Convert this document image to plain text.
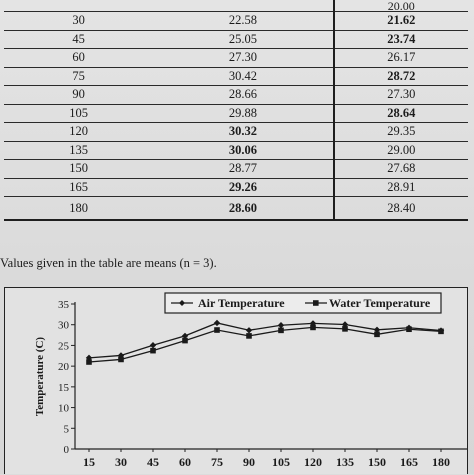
		20.00
30	22.58	21.62
45	25.05	23.74
60	27.30	26.17
75	30.42	28.72
90	28.66	27.30
105	29.88	28.64
120	30.32	29.35
135	30.06	29.00
150	28.77	27.68
165	29.26	28.91
180	28.60	28.40
Values given in the table are means (n = 3).
0
5
10
15
20
25
30
35
15 30 45 60 75 90 105 120 135 150 165 180
Temperature (C)
Air Temperature	Water Temperature
